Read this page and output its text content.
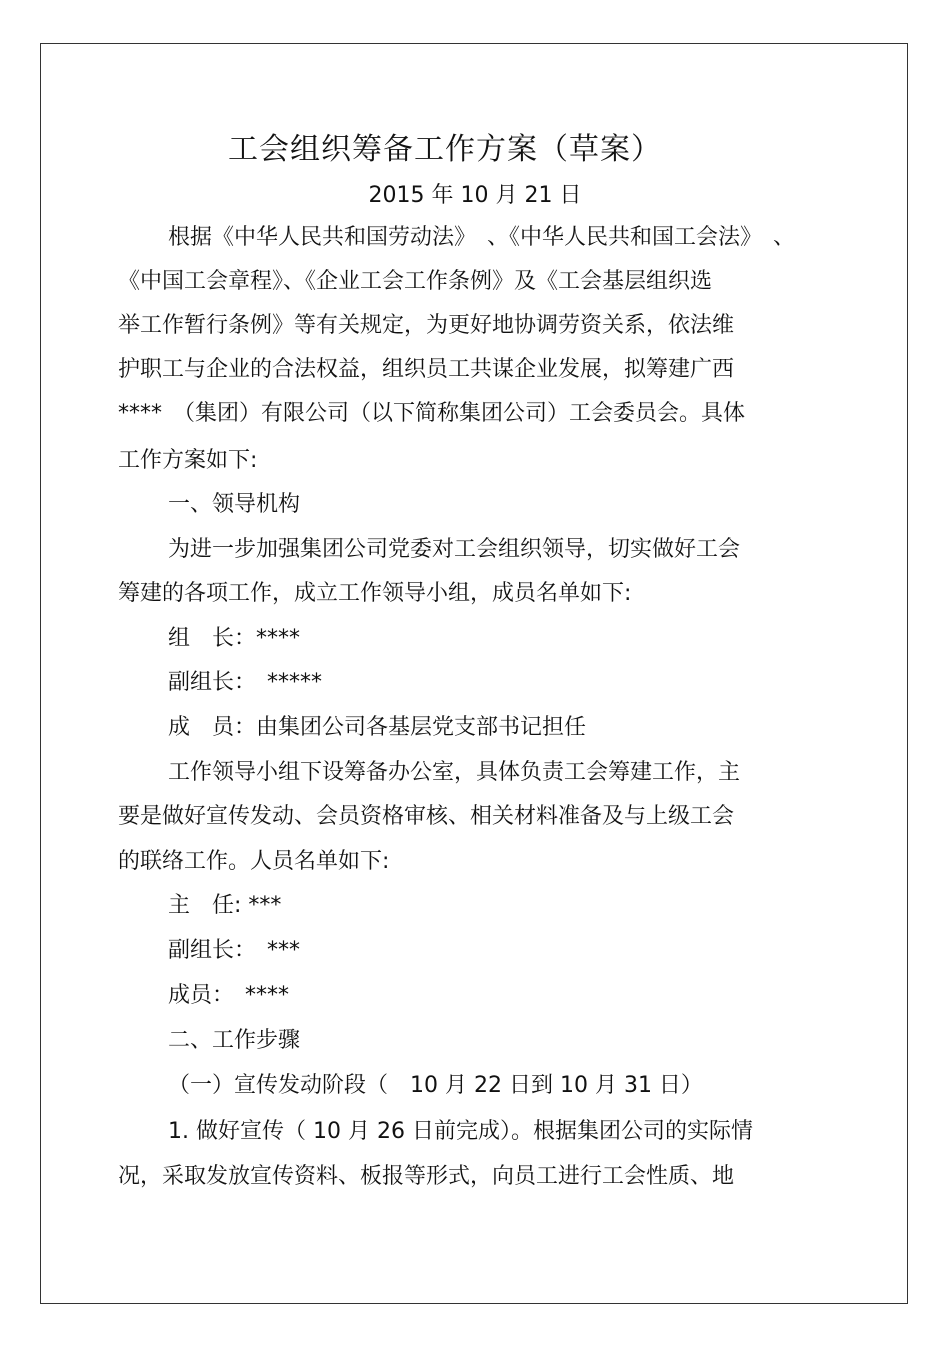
工会组织筹备工作方案（草案）
2015 年 10 月 21 日
根据《中华人民共和国劳动法》　、《中华人民共和国工会法》　、
《中国工会章程》、《企业工会工作条例》及《工会基层组织选
举工作暂行条例》等有关规定，为更好地协调劳资关系，依法维
护职工与企业的合法权益，组织员工共谋企业发展，拟筹建广西
****　（集团）有限公司（以下简称集团公司）工会委员会。具体
工作方案如下:
一、领导机构
为进一步加强集团公司党委对工会组织领导，切实做好工会
筹建的各项工作，成立工作领导小组，成员名单如下:
组　长：****
副组长：　*****
成　员：由集团公司各基层党支部书记担任
工作领导小组下设筹备办公室，具体负责工会筹建工作，主
要是做好宣传发动、会员资格审核、相关材料准备及与上级工会
的联络工作。人员名单如下:
主　任: ***
副组长：　***
成员：　****
二、工作步骤
（一）宣传发动阶段（　10 月 22 日到 10 月 31 日）
1. 做好宣传（ 10 月 26 日前完成）。根据集团公司的实际情
况，采取发放宣传资料、板报等形式，向员工进行工会性质、地
